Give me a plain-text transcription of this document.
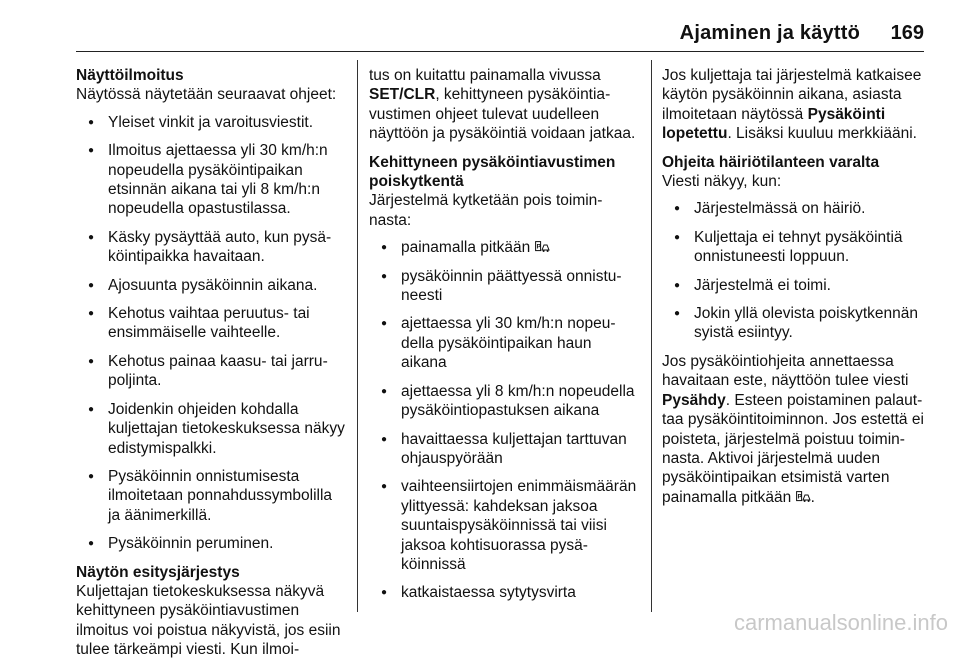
Ajaminen ja käyttö 169

Näyttöilmoitus

Näytössä näytetään seuraavat ohjeet:

● Yleiset vinkit ja varoitusviestit.
● Ilmoitus ajettaessa yli 30 km/h:n nopeudella pysäköintipaikan etsinnän aikana tai yli 8 km/h:n nopeudella opastustilassa.
● Käsky pysäyttää auto, kun pysäköintipaikka havaitaan.
● Ajosuunta pysäköinnin aikana.
● Kehotus vaihtaa peruutus- tai ensimmäiselle vaihteelle.
● Kehotus painaa kaasu- tai jarrupoljinta.
● Joidenkin ohjeiden kohdalla kuljettajan tietokeskuksessa näkyy edistymispalkki.
● Pysäköinnin onnistumisesta ilmoitetaan ponnahdussymbolilla ja äänimerkillä.
● Pysäköinnin peruminen.

Näytön esitysjärjestys

Kuljettajan tietokeskuksessa näkyvä kehittyneen pysäköintiavustimen ilmoitus voi poistua näkyvistä, jos esiin tulee tärkeämpi viesti. Kun ilmoi-

tus on kuitattu painamalla vivussa SET/CLR, kehittyneen pysäköintiavustimen ohjeet tulevat uudelleen näyttöön ja pysäköintiä voidaan jatkaa.

Kehittyneen pysäköintiavustimen poiskytkentä

Järjestelmä kytketään pois toiminnasta:

● painamalla pitkään P
● pysäköinnin päättyessä onnistuneesti
● ajettaessa yli 30 km/h:n nopeudella pysäköintipaikan haun aikana
● ajettaessa yli 8 km/h:n nopeudella pysäköintiopastuksen aikana
● havaittaessa kuljettajan tarttuvan ohjauspyörään
● vaihteensiirtojen enimmäismäärän ylittyessä: kahdeksan jaksoa suuntaispysäköinnissä tai viisi jaksoa kohtisuorassa pysäköinnissä
● katkaistaessa sytytysvirta

Jos kuljettaja tai järjestelmä katkaisee käytön pysäköinnin aikana, asiasta ilmoitetaan näytössä Pysäköinti lopetettu. Lisäksi kuuluu merkkiääni.

Ohjeita häiriötilanteen varalta

Viesti näkyy, kun:

● Järjestelmässä on häiriö.
● Kuljettaja ei tehnyt pysäköintiä onnistuneesti loppuun.
● Järjestelmä ei toimi.
● Jokin yllä olevista poiskytkennän syistä esiintyy.

Jos pysäköintiohjeita annettaessa havaitaan este, näyttöön tulee viesti Pysähdy. Esteen poistaminen palauttaa pysäköintitoiminnon. Jos estettä ei poisteta, järjestelmä poistuu toiminnasta. Aktivoi järjestelmä uuden pysäköintipaikan etsimistä varten painamalla pitkään P .

carmanualsonline.info
